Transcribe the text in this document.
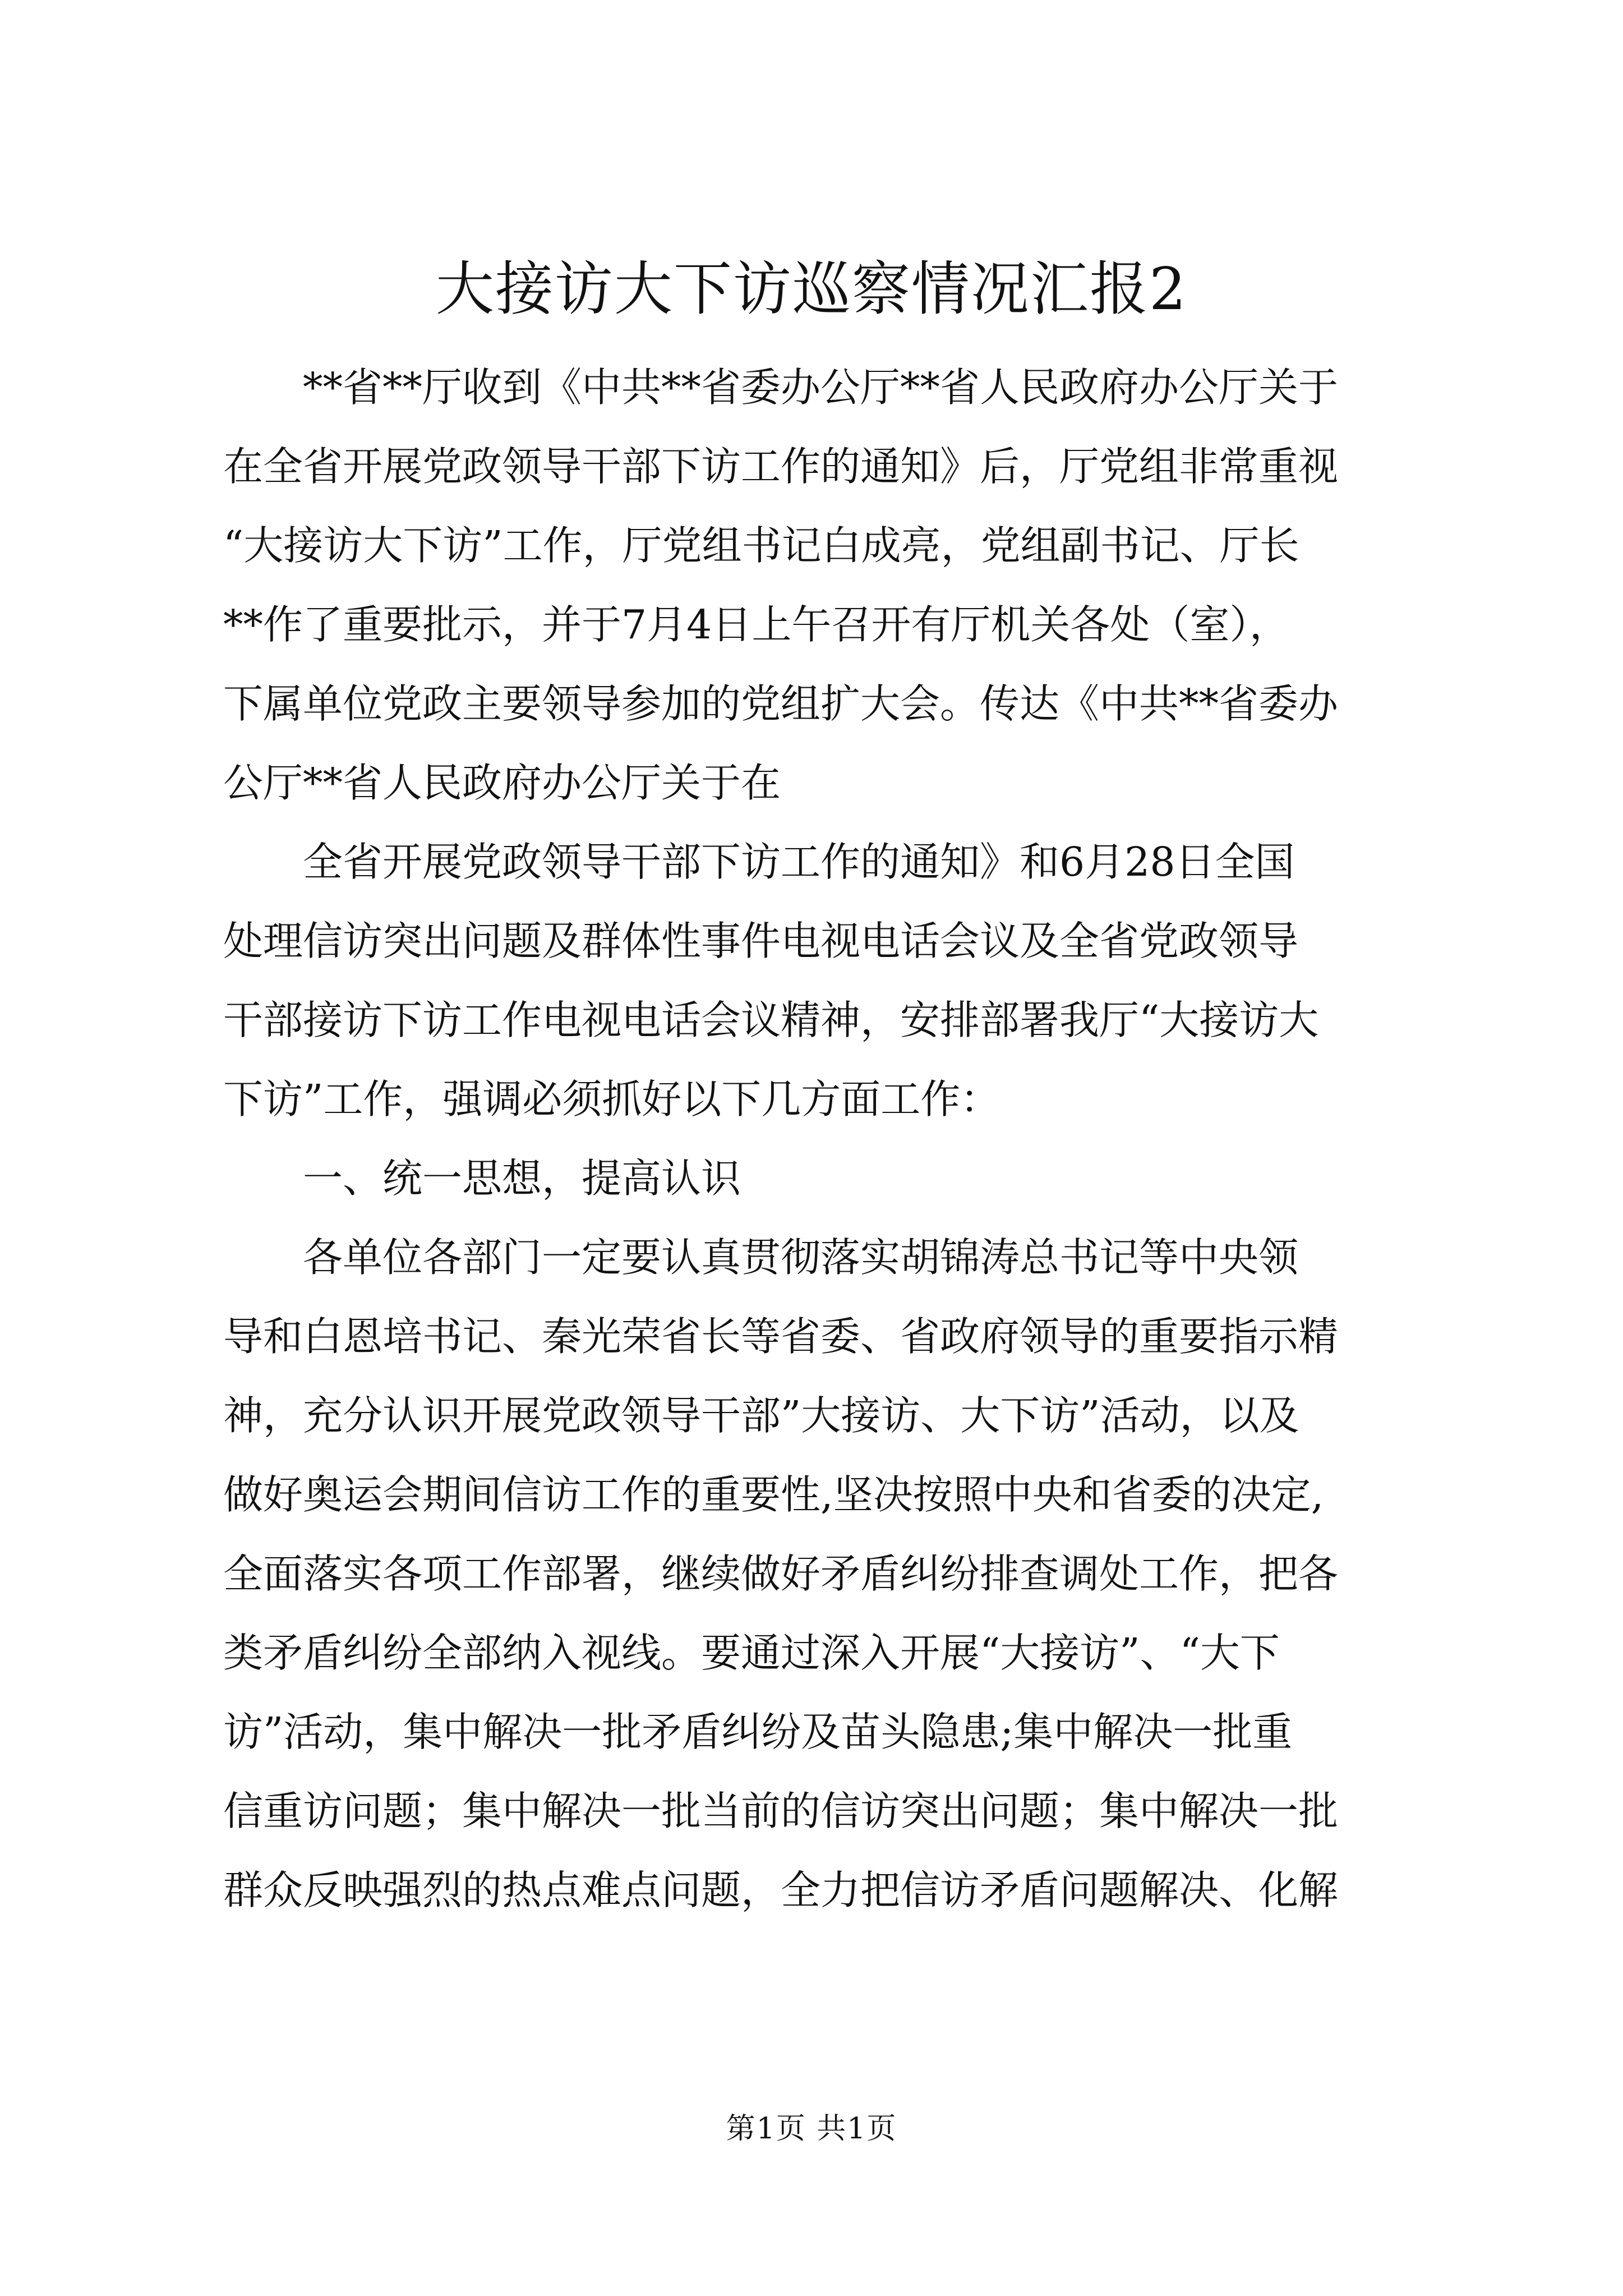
大接访大下访巡察情况汇报2
**省**厅收到《中共**省委办公厅**省人民政府办公厅关于
在全省开展党政领导干部下访工作的通知》后，厅党组非常重视
“大接访大下访”工作，厅党组书记白成亮，党组副书记、厅长
**作了重要批示，并于7月4日上午召开有厅机关各处（室），
下属单位党政主要领导参加的党组扩大会。传达《中共**省委办
公厅**省人民政府办公厅关于在
全省开展党政领导干部下访工作的通知》和6月28日全国
处理信访突出问题及群体性事件电视电话会议及全省党政领导
干部接访下访工作电视电话会议精神，安排部署我厅“大接访大
下访”工作，强调必须抓好以下几方面工作：
一、统一思想，提高认识
各单位各部门一定要认真贯彻落实胡锦涛总书记等中央领
导和白恩培书记、秦光荣省长等省委、省政府领导的重要指示精
神，充分认识开展党政领导干部”大接访、大下访”活动，以及
做好奥运会期间信访工作的重要性,坚决按照中央和省委的决定,
全面落实各项工作部署，继续做好矛盾纠纷排查调处工作，把各
类矛盾纠纷全部纳入视线。要通过深入开展“大接访”、“大下
访”活动，集中解决一批矛盾纠纷及苗头隐患;集中解决一批重
信重访问题；集中解决一批当前的信访突出问题；集中解决一批
群众反映强烈的热点难点问题，全力把信访矛盾问题解决、化解
第1页 共1页
